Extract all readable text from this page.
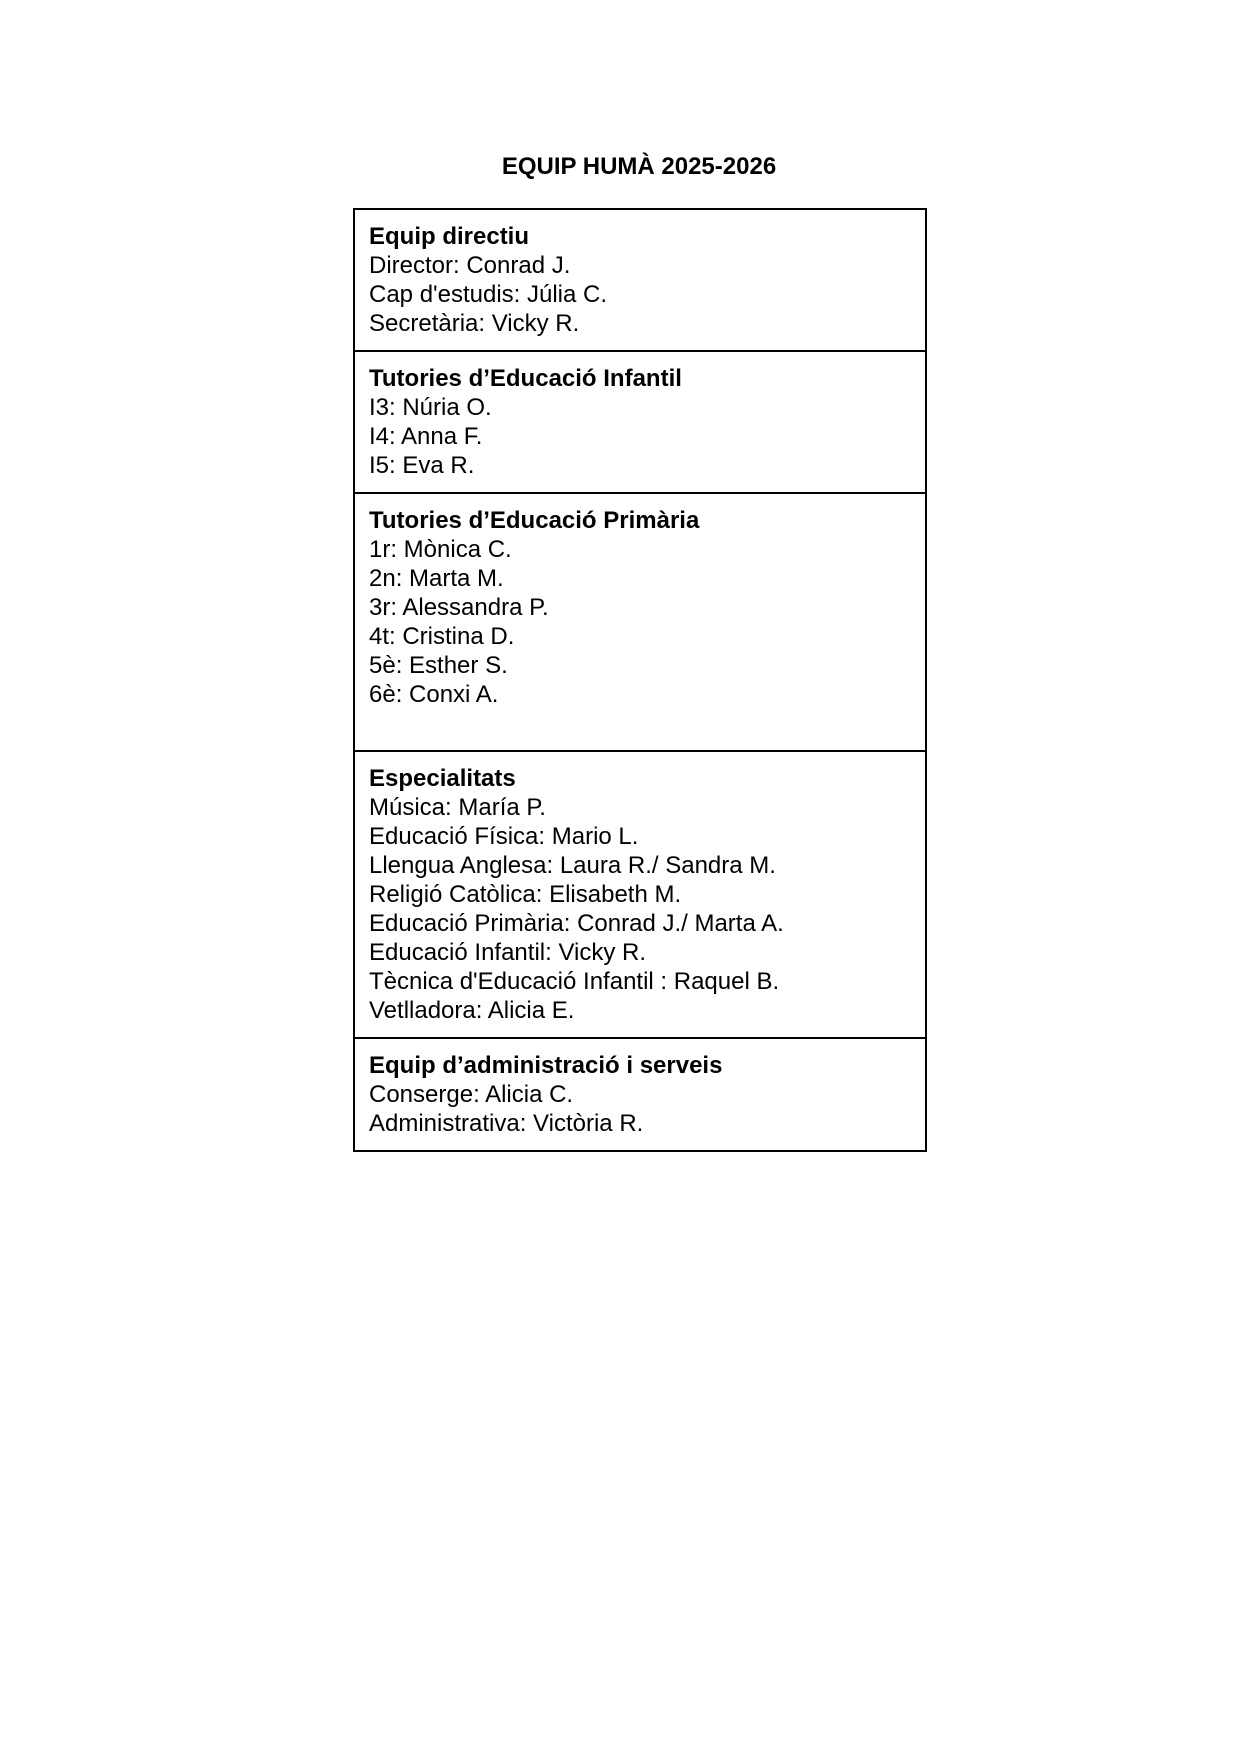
EQUIP HUMÀ 2025-2026
Equip directiu
Director: Conrad J.
Cap d'estudis: Júlia C.
Secretària: Vicky R.
Tutories d’Educació Infantil
I3: Núria O.
I4: Anna F.
I5: Eva R.
Tutories d’Educació Primària
1r: Mònica C.
2n: Marta M.
3r: Alessandra P.
4t: Cristina D.
5è: Esther S.
6è: Conxi A.
Especialitats
Música: María P.
Educació Física: Mario L.
Llengua Anglesa: Laura R./ Sandra M.
Religió Catòlica: Elisabeth M.
Educació Primària: Conrad J./ Marta A.
Educació Infantil: Vicky R.
Tècnica d'Educació Infantil : Raquel B.
Vetlladora: Alicia E.
Equip d’administració i serveis
Conserge: Alicia C.
Administrativa: Victòria R.
